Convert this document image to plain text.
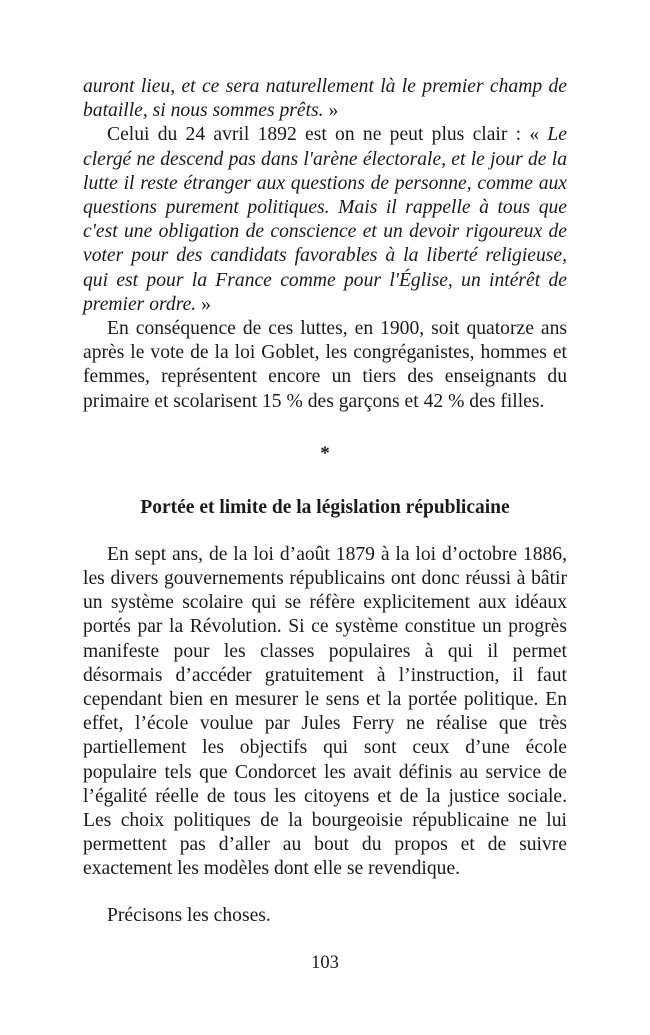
auront lieu, et ce sera naturellement là le premier champ de bataille, si nous sommes prêts. »

Celui du 24 avril 1892 est on ne peut plus clair : « Le clergé ne descend pas dans l'arène électorale, et le jour de la lutte il reste étranger aux questions de personne, comme aux questions purement politiques. Mais il rappelle à tous que c'est une obligation de conscience et un devoir rigoureux de voter pour des candidats favorables à la liberté religieuse, qui est pour la France comme pour l'Église, un intérêt de premier ordre. »

En conséquence de ces luttes, en 1900, soit quatorze ans après le vote de la loi Goblet, les congréganistes, hommes et femmes, représentent encore un tiers des enseignants du primaire et scolarisent 15 % des garçons et 42 % des filles.

*
Portée et limite de la législation républicaine

En sept ans, de la loi d’août 1879 à la loi d’octobre 1886, les divers gouvernements républicains ont donc réussi à bâtir un système scolaire qui se réfère explicitement aux idéaux portés par la Révolution. Si ce système constitue un progrès manifeste pour les classes populaires à qui il permet désormais d’accéder gratuitement à l’instruction, il faut cependant bien en mesurer le sens et la portée politique. En effet, l’école voulue par Jules Ferry ne réalise que très partiellement les objectifs qui sont ceux d’une école populaire tels que Condorcet les avait définis au service de l’égalité réelle de tous les citoyens et de la justice sociale. Les choix politiques de la bourgeoisie républicaine ne lui permettent pas d’aller au bout du propos et de suivre exactement les modèles dont elle se revendique.

Précisons les choses.

103
